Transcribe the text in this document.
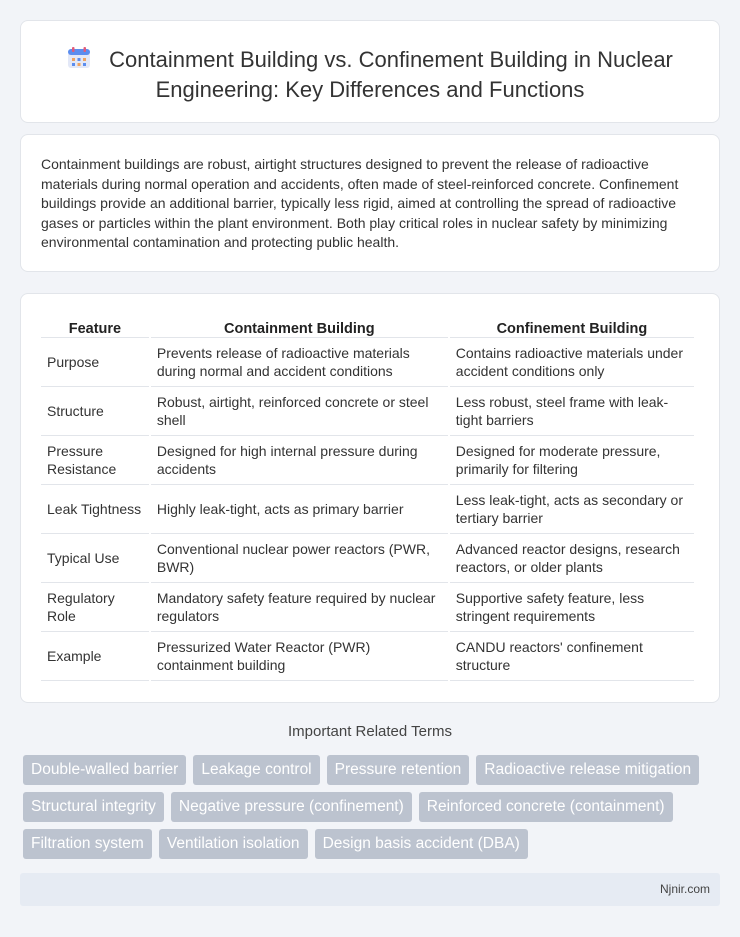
Containment Building vs. Confinement Building in Nuclear Engineering: Key Differences and Functions

Containment buildings are robust, airtight structures designed to prevent the release of radioactive materials during normal operation and accidents, often made of steel-reinforced concrete. Confinement buildings provide an additional barrier, typically less rigid, aimed at controlling the spread of radioactive gases or particles within the plant environment. Both play critical roles in nuclear safety by minimizing environmental contamination and protecting public health.

Feature	Containment Building	Confinement Building
Purpose	Prevents release of radioactive materials during normal and accident conditions	Contains radioactive materials under accident conditions only
Structure	Robust, airtight, reinforced concrete or steel shell	Less robust, steel frame with leak-tight barriers
Pressure Resistance	Designed for high internal pressure during accidents	Designed for moderate pressure, primarily for filtering
Leak Tightness	Highly leak-tight, acts as primary barrier	Less leak-tight, acts as secondary or tertiary barrier
Typical Use	Conventional nuclear power reactors (PWR, BWR)	Advanced reactor designs, research reactors, or older plants
Regulatory Role	Mandatory safety feature required by nuclear regulators	Supportive safety feature, less stringent requirements
Example	Pressurized Water Reactor (PWR) containment building	CANDU reactors' confinement structure
Important Related Terms
Double-walled barrier	Leakage control	Pressure retention	Radioactive release mitigation
Structural integrity	Negative pressure (confinement)	Reinforced concrete (containment)
Filtration system	Ventilation isolation	Design basis accident (DBA)
Njnir.com
